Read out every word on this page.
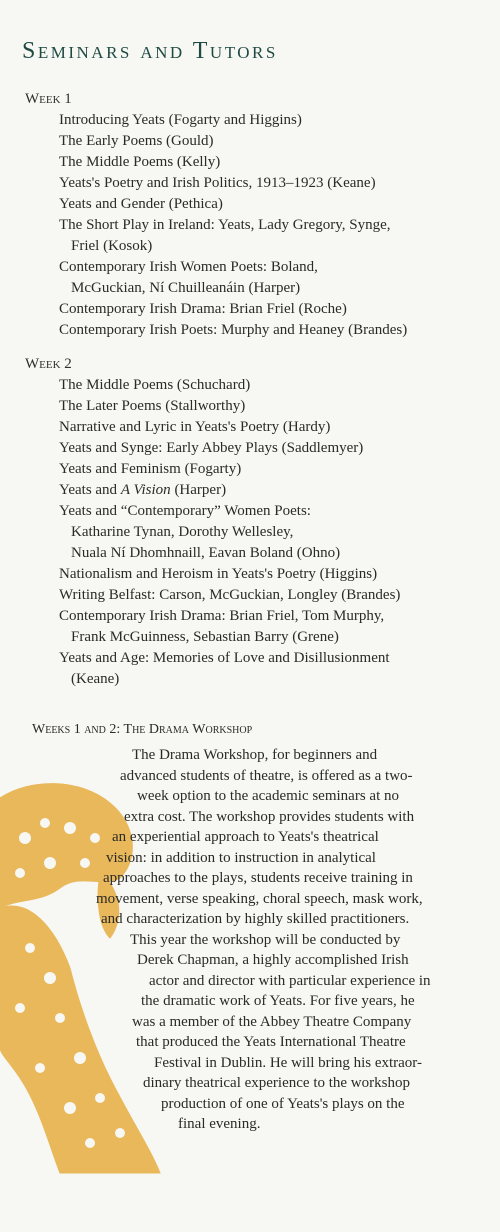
Seminars and Tutors
Week 1
Introducing Yeats (Fogarty and Higgins)
The Early Poems (Gould)
The Middle Poems (Kelly)
Yeats's Poetry and Irish Politics, 1913–1923 (Keane)
Yeats and Gender (Pethica)
The Short Play in Ireland: Yeats, Lady Gregory, Synge,
Friel (Kosok)
Contemporary Irish Women Poets: Boland,
McGuckian, Ní Chuilleanáin (Harper)
Contemporary Irish Drama: Brian Friel (Roche)
Contemporary Irish Poets: Murphy and Heaney (Brandes)
Week 2
The Middle Poems (Schuchard)
The Later Poems (Stallworthy)
Narrative and Lyric in Yeats's Poetry (Hardy)
Yeats and Synge: Early Abbey Plays (Saddlemyer)
Yeats and Feminism (Fogarty)
Yeats and A Vision (Harper)
Yeats and “Contemporary” Women Poets:
Katharine Tynan, Dorothy Wellesley,
Nuala Ní Dhomhnaill, Eavan Boland (Ohno)
Nationalism and Heroism in Yeats's Poetry (Higgins)
Writing Belfast: Carson, McGuckian, Longley (Brandes)
Contemporary Irish Drama: Brian Friel, Tom Murphy,
Frank McGuinness, Sebastian Barry (Grene)
Yeats and Age: Memories of Love and Disillusionment
(Keane)
Weeks 1 and 2: The Drama Workshop
The Drama Workshop, for beginners and
advanced students of theatre, is offered as a two-
week option to the academic seminars at no
extra cost. The workshop provides students with
an experiential approach to Yeats's theatrical
vision: in addition to instruction in analytical
approaches to the plays, students receive training in
movement, verse speaking, choral speech, mask work,
and characterization by highly skilled practitioners.
This year the workshop will be conducted by
Derek Chapman, a highly accomplished Irish
actor and director with particular experience in
the dramatic work of Yeats. For five years, he
was a member of the Abbey Theatre Company
that produced the Yeats International Theatre
Festival in Dublin. He will bring his extraor-
dinary theatrical experience to the workshop
production of one of Yeats's plays on the
final evening.
